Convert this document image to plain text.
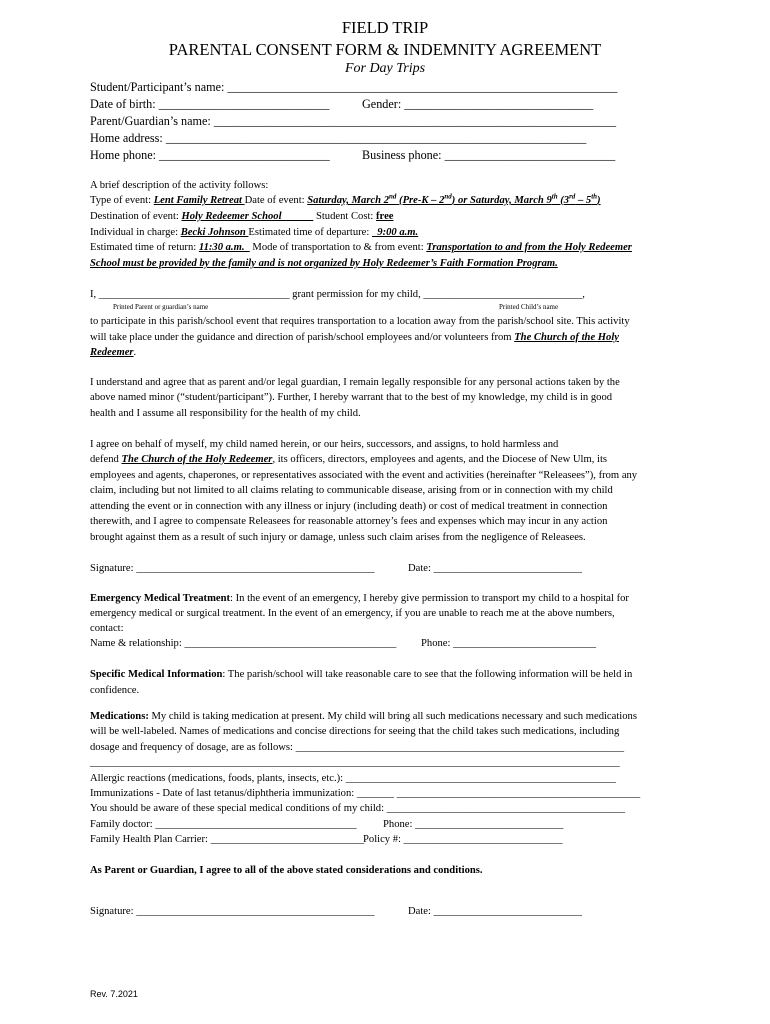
FIELD TRIP
PARENTAL CONSENT FORM & INDEMNITY AGREEMENT
For Day Trips
Student/Participant’s name: ________________________________________________________________
Date of birth: ____________________________	Gender: _______________________________
Parent/Guardian’s name: __________________________________________________________________
Home address: _____________________________________________________________________
Home phone: ____________________________	Business phone: ____________________________
A brief description of the activity follows:
Type of event: Lent Family Retreat Date of event: Saturday, March 2nd (Pre-K – 2nd) or Saturday, March 9th (3rd – 5th)
Destination of event: Holy Redeemer School             Student Cost: free
Individual in charge: Becki Johnson Estimated time of departure:   9:00 a.m.
Estimated time of return: 11:30 a.m.   Mode of transportation to & from event: Transportation to and from the Holy Redeemer
School must be provided by the family and is not organized by Holy Redeemer’s Faith Formation Program.
I, ____________________________________ grant permission for my child, ______________________________,
Printed Parent or guardian’s name	Printed Child’s name
to participate in this parish/school event that requires transportation to a location away from the parish/school site. This activity
will take place under the guidance and direction of parish/school employees and/or volunteers from The Church of the Holy
Redeemer.
I understand and agree that as parent and/or legal guardian, I remain legally responsible for any personal actions taken by the
above named minor (“student/participant”). Further, I hereby warrant that to the best of my knowledge, my child is in good
health and I assume all responsibility for the health of my child.
I agree on behalf of myself, my child named herein, or our heirs, successors, and assigns, to hold harmless and
defend The Church of the Holy Redeemer, its officers, directors, employees and agents, and the Diocese of New Ulm, its
employees and agents, chaperones, or representatives associated with the event and activities (hereinafter “Releasees”), from any
claim, including but not limited to all claims relating to communicable disease, arising from or in connection with my child
attending the event or in connection with any illness or injury (including death) or cost of medical treatment in connection
therewith, and I agree to compensate Releasees for reasonable attorney’s fees and expenses which may incur in any action
brought against them as a result of such injury or damage, unless such claim arises from the negligence of Releasees.
Signature: _____________________________________________	Date: ____________________________
Emergency Medical Treatment: In the event of an emergency, I hereby give permission to transport my child to a hospital for
emergency medical or surgical treatment. In the event of an emergency, if you are unable to reach me at the above numbers,
contact:
Name & relationship: ________________________________________ Phone: ___________________________
Specific Medical Information: The parish/school will take reasonable care to see that the following information will be held in
confidence.
Medications: My child is taking medication at present. My child will bring all such medications necessary and such medications
will be well-labeled. Names of medications and concise directions for seeing that the child takes such medications, including
dosage and frequency of dosage, are as follows: ______________________________________________________________
____________________________________________________________________________________________________
Allergic reactions (medications, foods, plants, insects, etc.): ___________________________________________________
Immunizations - Date of last tetanus/diphtheria immunization: _______ ______________________________________________
You should be aware of these special medical conditions of my child: _____________________________________________
Family doctor: ______________________________________ Phone: ____________________________
Family Health Plan Carrier: _____________________________
Policy #: ______________________________
As Parent or Guardian, I agree to all of the above stated considerations and conditions.
Signature: _____________________________________________	Date: ____________________________
Rev. 7.2021
